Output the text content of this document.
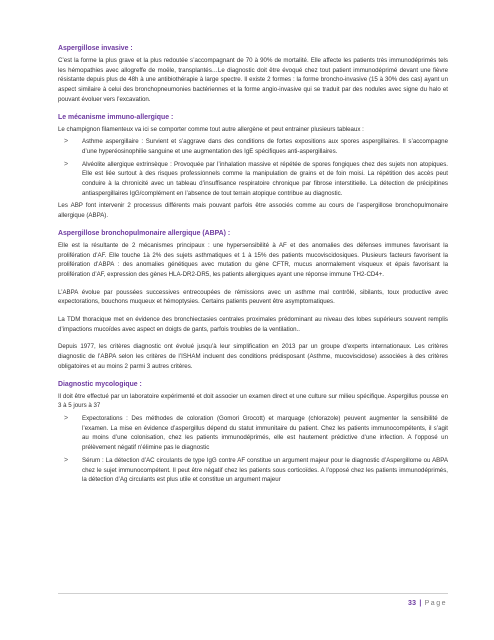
Aspergillose invasive :

C’est la forme la plus grave et la plus redoutée s’accompagnant de 70 à 90% de mortalité. Elle affecte les patients très immunodéprimés tels les hémopathies avec allogreffe de moële, transplantés…Le diagnostic doit être évoqué chez tout patient immunodéprimé devant une fièvre résistante depuis plus de 48h à une antibiothérapie à large spectre. Il existe 2 formes : la forme broncho-invasive (15 à 30% des cas) ayant un aspect similaire à celui des bronchopneumonies bactériennes et la forme angio-invasive qui se traduit par des nodules avec signe du halo et pouvant évoluer vers l’excavation.

Le mécanisme immuno-allergique :

Le champignon filamenteux va ici se comporter comme tout autre allergène et peut entrainer plusieurs tableaux :

> Asthme aspergillaire : Survient et s’aggrave dans des conditions de fortes expositions aux spores aspergillaires. Il s’accompagne d’une hyperéosinophilie sanguine et une augmentation des IgE spécifiques anti-aspergillaires.
> Alvéolite allergique extrinsèque : Provoquée par l’inhalation massive et répétée de spores fongiques chez des sujets non atopiques. Elle est liée surtout à des risques professionnels comme la manipulation de grains et de foin moisi. La répétition des accès peut conduire à la chronicité avec un tableau d’insuffisance respiratoire chronique par fibrose interstitielle. La détection de précipitines antiaspergillaires IgG/complément en l’absence de tout terrain atopique contribue au diagnostic.

Les ABP font intervenir 2 processus différents mais pouvant parfois être associés comme au cours de l’aspergillose bronchopulmonaire allergique (ABPA).

Aspergillose bronchopulmonaire allergique (ABPA) :

Elle est la résultante de 2 mécanismes principaux : une hypersensibilité à AF et des anomalies des défenses immunes favorisant la prolifération d’AF. Elle touche 1à 2% des sujets asthmatiques et 1 à 15% des patients mucoviscidosiques. Plusieurs facteurs favorisent la prolifération d’ABPA : des anomalies génétiques avec mutation du gène CFTR, mucus anormalement visqueux et épais favorisant la prolifération d’AF, expression des gènes HLA-DR2-DR5, les patients allergiques ayant une réponse immune TH2-CD4+.

L’ABPA évolue par poussées successives entrecoupées de rémissions avec un asthme mal contrôlé, sibilants, toux productive avec expectorations, bouchons muqueux et hémoptysies. Certains patients peuvent être asymptomatiques.

La TDM thoracique met en évidence des bronchiectasies centrales proximales prédominant au niveau des lobes supérieurs souvent remplis d’impactions mucoïdes avec aspect en doigts de gants, parfois troubles de la ventilation..

Depuis 1977, les critères diagnostic ont évolué jusqu’à leur simplification en 2013 par un groupe d’experts internationaux. Les critères diagnostic de l’ABPA selon les critères de l’ISHAM incluent des conditions prédisposant (Asthme, mucoviscidose) associées à des critères obligatoires et au moins 2 parmi 3 autres critères.

Diagnostic mycologique :

Il doit être effectué par un laboratoire expérimenté et doit associer un examen direct et une culture sur milieu spécifique. Aspergillus pousse en 3 à 5 jours à 37

> Expectorations : Des méthodes de coloration (Gomori Grocott) et marquage (chlorazole) peuvent augmenter la sensibilité de l’examen. La mise en évidence d’aspergillus dépend du statut immunitaire du patient. Chez les patients immunocompétents, il s’agit au moins d’une colonisation, chez les patients immunodéprimés, elle est hautement prédictive d’une infection. A l’opposé un prélèvement négatif n’élimine pas le diagnostic
> Sérum : La détection d’AC circulants de type IgG contre AF constitue un argument majeur pour le diagnostic d’Aspergillome ou ABPA chez le sujet immunocompétent. Il peut être négatif chez les patients sous corticoïdes. A l’opposé chez les patients immunodéprimés, la détection d’Ag circulants est plus utile et constitue un argument majeur
33 | Page
